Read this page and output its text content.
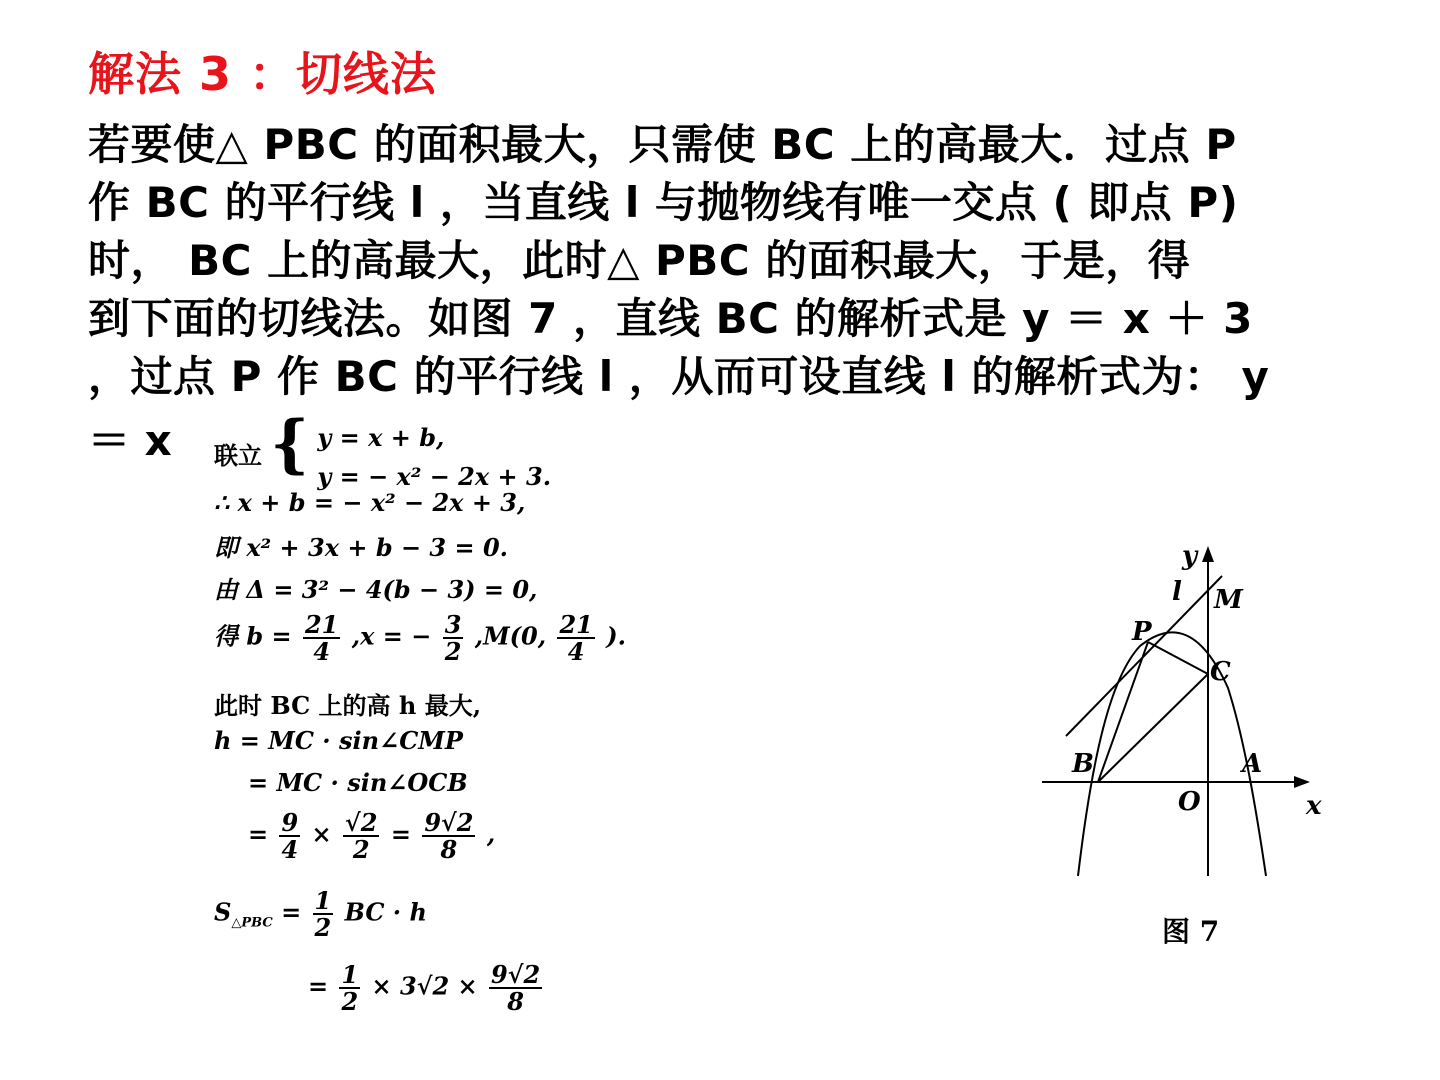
解法 3 ：切线法
若要使△ PBC 的面积最大，只需使 BC 上的高最大．过点 P
作 BC 的平行线 l ，当直线 l 与抛物线有唯一交点 ( 即点 P)
时， BC 上的高最大，此时△ PBC 的面积最大，于是，得
到下面的切线法。如图 7 ，直线 BC 的解析式是 y ＝ x ＋ 3
，过点 P 作 BC 的平行线 l ，从而可设直线 l 的解析式为： y
＝ x 联立 { y = x + b,
y = − x² − 2x + 3.
∴ x + b = − x² − 2x + 3,
即 x² + 3x + b − 3 = 0.
由 Δ = 3² − 4(b − 3) = 0,
得 $b = \frac{21}{4} ,x$ = − $\frac{3}{2} ,M(0$, $\frac{21}{4}$ ).
此时 BC 上的高 h 最大,
h = MC · sin∠CMP
= MC · sin∠OCB
= $\frac{9}{4} \times \frac{√2}{2} = \frac{9√2}{8}$ ,
$S_{\triangle PBC} = \frac{1}{2}$ BC · h
= $\frac{1}{2} \times 3√2 \times \frac{9√2}{8}$
y
l M
P
C
B	A
O	x
图 7
